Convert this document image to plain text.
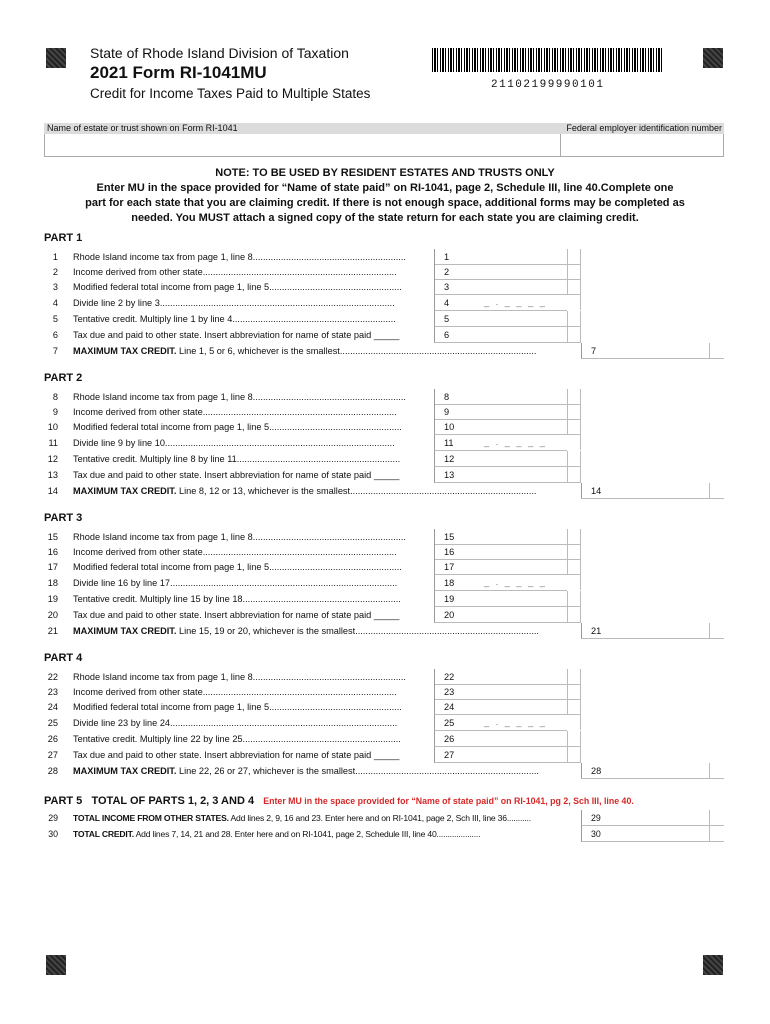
State of Rhode Island Division of Taxation
2021 Form RI-1041MU
Credit for Income Taxes Paid to Multiple States
21102199990101
Name of estate or trust shown on Form RI-1041	Federal employer identification number
NOTE: TO BE USED BY RESIDENT ESTATES AND TRUSTS ONLY
Enter MU in the space provided for “Name of state paid” on RI-1041, page 2, Schedule III, line 40.Complete one
part for each state that you are claiming credit. If there is not enough space, additional forms may be completed as
needed. You MUST attach a signed copy of the state return for each state you are claiming credit.
PART 1
1 Rhode Island income tax from page 1, line 8............................................................	1
2 Income derived from other state............................................................................	2
3 Modified federal total income from page 1, line 5....................................................	3
4 Divide line 2 by line 3............................................................................................	4	_ . _ _ _ _
5 Tentative credit. Multiply line 1 by line 4................................................................	5
6 Tax due and paid to other state. Insert abbreviation for name of state paid _____	6
7 MAXIMUM TAX CREDIT. Line 1, 5 or 6, whichever is the smallest.............................................................................	7
PART 2
8 Rhode Island income tax from page 1, line 8............................................................	8
9 Income derived from other state............................................................................	9
10 Modified federal total income from page 1, line 5....................................................	10
11 Divide line 9 by line 10..........................................................................................	11	_ . _ _ _ _
12 Tentative credit. Multiply line 8 by line 11................................................................	12
13 Tax due and paid to other state. Insert abbreviation for name of state paid _____	13
14 MAXIMUM TAX CREDIT. Line 8, 12 or 13, whichever is the smallest.........................................................................	14
PART 3
15 Rhode Island income tax from page 1, line 8............................................................	15
16 Income derived from other state............................................................................	16
17 Modified federal total income from page 1, line 5....................................................	17
18 Divide line 16 by line 17.........................................................................................	18	_ . _ _ _ _
19 Tentative credit. Multiply line 15 by line 18..............................................................	19
20 Tax due and paid to other state. Insert abbreviation for name of state paid _____	20
21 MAXIMUM TAX CREDIT. Line 15, 19 or 20, whichever is the smallest........................................................................	21
PART 4
22 Rhode Island income tax from page 1, line 8............................................................	22
23 Income derived from other state............................................................................	23
24 Modified federal total income from page 1, line 5....................................................	24
25 Divide line 23 by line 24.........................................................................................	25	_ . _ _ _ _
26 Tentative credit. Multiply line 22 by line 25..............................................................	26
27 Tax due and paid to other state. Insert abbreviation for name of state paid _____	27
28 MAXIMUM TAX CREDIT. Line 22, 26 or 27, whichever is the smallest........................................................................	28
PART 5 TOTAL OF PARTS 1, 2, 3 AND 4 Enter MU in the space provided for “Name of state paid” on RI-1041, pg 2, Sch III, line 40.
29 TOTAL INCOME FROM OTHER STATES. Add lines 2, 9, 16 and 23. Enter here and on RI-1041, page 2, Sch III, line 36...........	29
30 TOTAL CREDIT. Add lines 7, 14, 21 and 28. Enter here and on RI-1041, page 2, Schedule III, line 40....................	30
